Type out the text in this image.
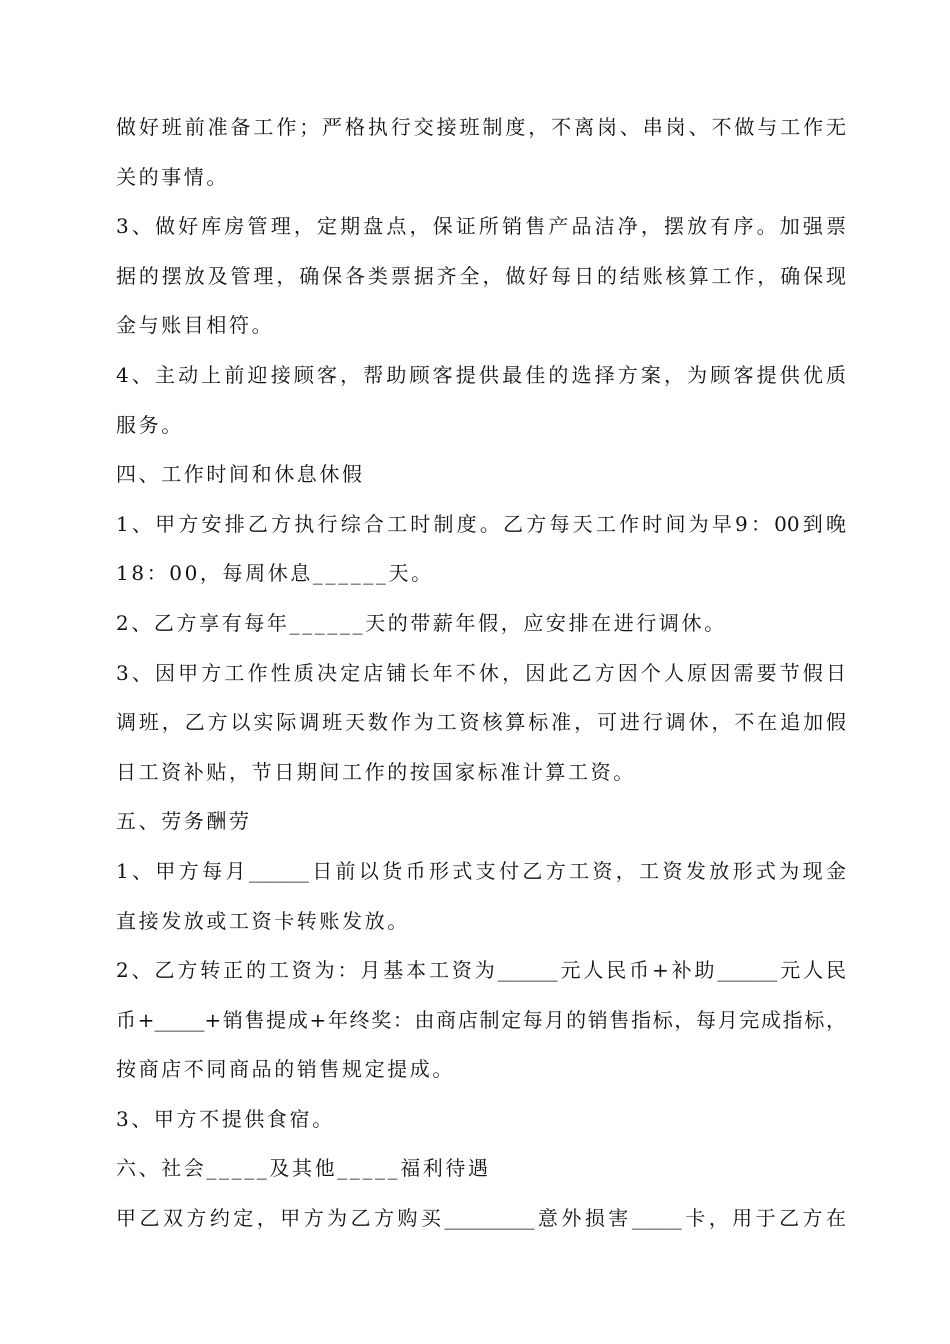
做好班前准备工作；严格执行交接班制度，不离岗、串岗、不做与工作无
关的事情。
3、做好库房管理，定期盘点，保证所销售产品洁净，摆放有序。加强票
据的摆放及管理，确保各类票据齐全，做好每日的结账核算工作，确保现
金与账目相符。
4、主动上前迎接顾客，帮助顾客提供最佳的选择方案，为顾客提供优质
服务。
四、工作时间和休息休假
1、甲方安排乙方执行综合工时制度。乙方每天工作时间为早9：00到晚
18：00，每周休息______天。
2、乙方享有每年______天的带薪年假，应安排在进行调休。
3、因甲方工作性质决定店铺长年不休，因此乙方因个人原因需要节假日
调班，乙方以实际调班天数作为工资核算标准，可进行调休，不在追加假
日工资补贴，节日期间工作的按国家标准计算工资。
五、劳务酬劳
1、甲方每月______日前以货币形式支付乙方工资，工资发放形式为现金
直接发放或工资卡转账发放。
2、乙方转正的工资为：月基本工资为______元人民币+补助______元人民
币+_____+销售提成+年终奖：由商店制定每月的销售指标，每月完成指标，
按商店不同商品的销售规定提成。
3、甲方不提供食宿。
六、社会_____及其他_____福利待遇
甲乙双方约定，甲方为乙方购买_________意外损害_____卡，用于乙方在
